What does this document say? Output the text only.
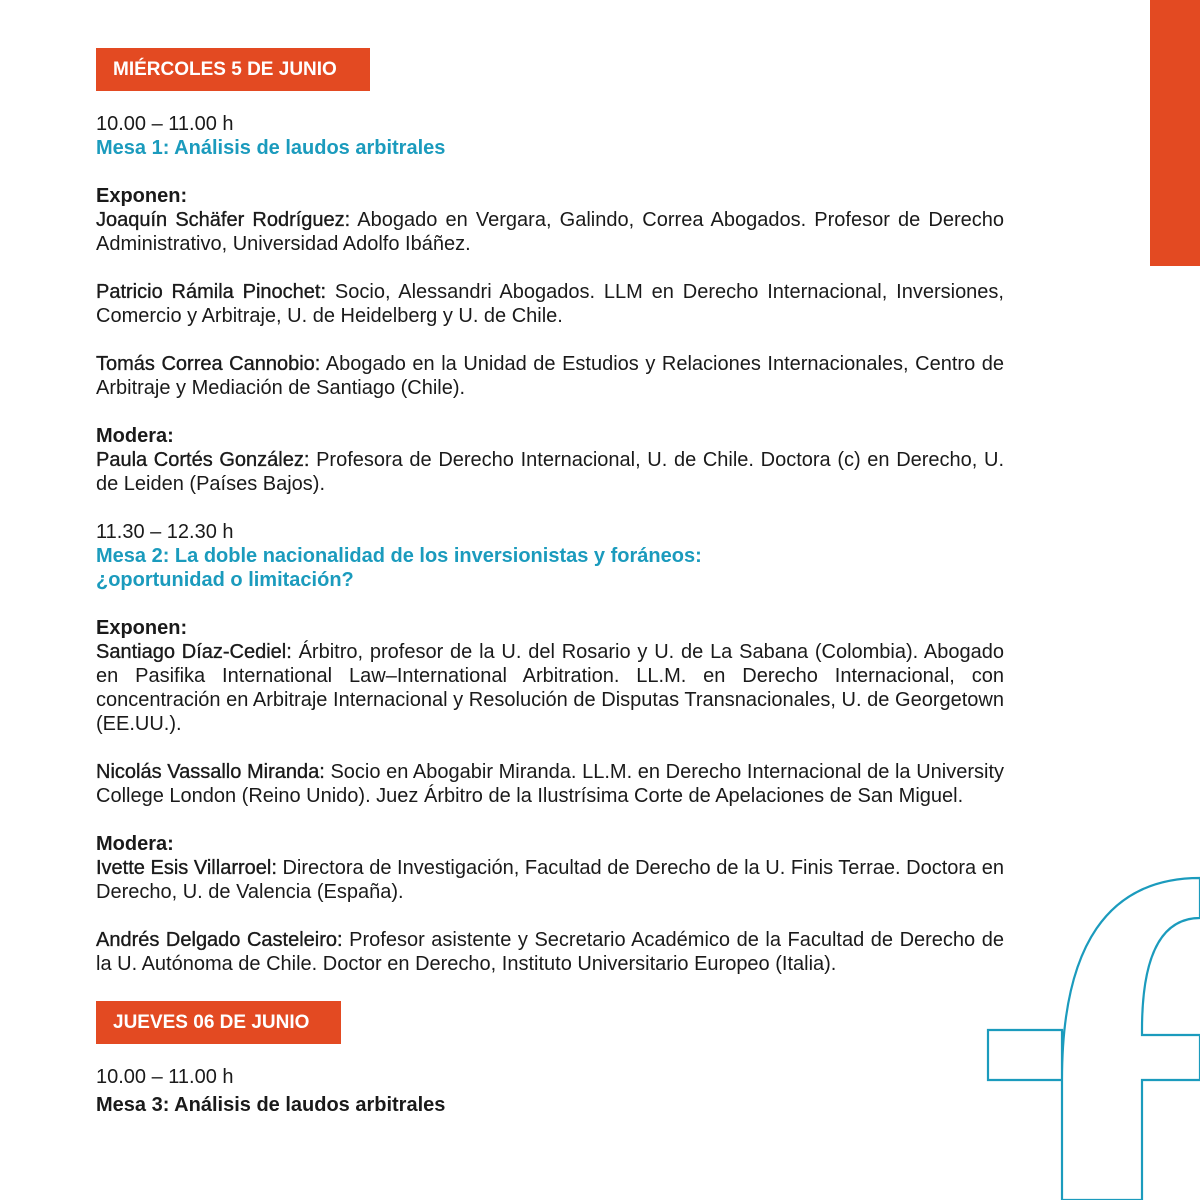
MIÉRCOLES 5 DE JUNIO

10.00 – 11.00 h

Mesa 1: Análisis de laudos arbitrales

Exponen:

Joaquín Schäfer Rodríguez: Abogado en Vergara, Galindo, Correa Abogados. Profesor de Derecho Administrativo, Universidad Adolfo Ibáñez.

Patricio Rámila Pinochet: Socio, Alessandri Abogados. LLM en Derecho Internacional, Inversiones, Comercio y Arbitraje, U. de Heidelberg y U. de Chile.

Tomás Correa Cannobio: Abogado en la Unidad de Estudios y Relaciones Internacionales, Centro de Arbitraje y Mediación de Santiago (Chile).

Modera:

Paula Cortés González: Profesora de Derecho Internacional, U. de Chile. Doctora (c) en Derecho, U. de Leiden (Países Bajos).

11.30 – 12.30 h

Mesa 2: La doble nacionalidad de los inversionistas y foráneos:

¿oportunidad o limitación?

Exponen:

Santiago Díaz-Cediel: Árbitro, profesor de la U. del Rosario y U. de La Sabana (Colombia). Abogado en Pasifika International Law–International Arbitration. LL.M. en Derecho Internacional, con concentración en Arbitraje Internacional y Resolución de Disputas Transnacionales, U. de Georgetown (EE.UU.).

Nicolás Vassallo Miranda: Socio en Abogabir Miranda. LL.M. en Derecho Internacional de la University College London (Reino Unido). Juez Árbitro de la Ilustrísima Corte de Apelaciones de San Miguel.

Modera:

Ivette Esis Villarroel: Directora de Investigación, Facultad de Derecho de la U. Finis Terrae. Doctora en Derecho, U. de Valencia (España).

Andrés Delgado Casteleiro: Profesor asistente y Secretario Académico de la Facultad de Derecho de la U. Autónoma de Chile. Doctor en Derecho, Instituto Universitario Europeo (Italia).

JUEVES 06 DE JUNIO

10.00 – 11.00 h

Mesa 3: Análisis de laudos arbitrales
